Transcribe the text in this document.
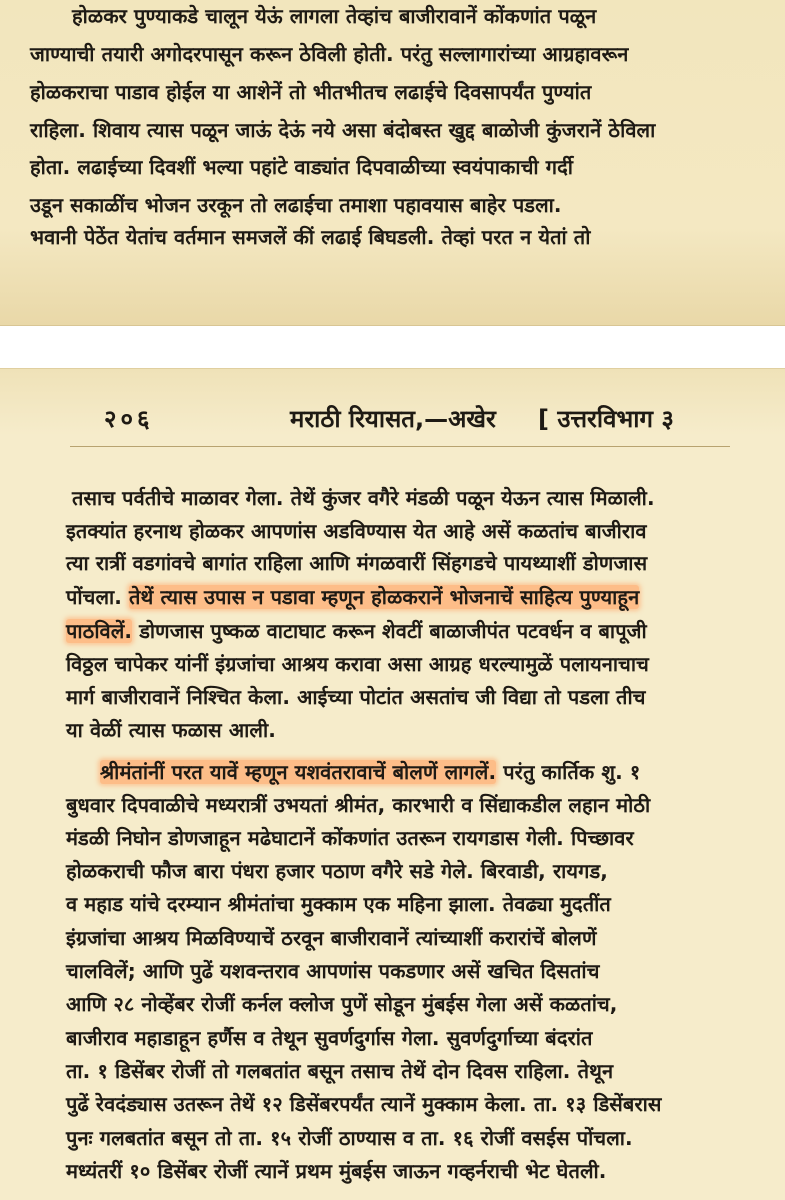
होळकर पुण्याकडे चालून येऊं लागला तेव्हांच बाजीरावानें कोंकणांत पळून
जाण्याची तयारी अगोदरपासून करून ठेविली होती. परंतु सल्लागारांच्या आग्रहावरून
होळकराचा पाडाव होईल या आशेनें तो भीतभीतच लढाईचे दिवसापर्यंत पुण्यांत
राहिला. शिवाय त्यास पळून जाऊं देऊं नये असा बंदोबस्त खुद्द बाळोजी कुंजरानें ठेविला
होता. लढाईच्या दिवशीं भल्या पहांटे वाड्यांत दिपवाळीच्या स्वयंपाकाची गर्दी
उडून सकाळींच भोजन उरकून तो लढाईचा तमाशा पहावयास बाहेर पडला.
भवानी पेठेंत येतांच वर्तमान समजलें कीं लढाई बिघडली. तेव्हां परत न येतां तो
२०६	मराठी रियासत,—अखेर [ उत्तरविभाग ३
तसाच पर्वतीचे माळावर गेला. तेथें कुंजर वगैरे मंडळी पळून येऊन त्यास मिळाली.
इतक्यांत हरनाथ होळकर आपणांस अडविण्यास येत आहे असें कळतांच बाजीराव
त्या रात्रीं वडगांवचे बागांत राहिला आणि मंगळवारीं सिंहगडचे पायथ्याशीं डोणजास
पोंचला. तेथें त्यास उपास न पडावा म्हणून होळकरानें भोजनाचें साहित्य पुण्याहून
पाठविलें. डोणजास पुष्कळ वाटाघाट करून शेवटीं बाळाजीपंत पटवर्धन व बापूजी
विठ्ठल चापेकर यांनीं इंग्रजांचा आश्रय करावा असा आग्रह धरल्यामुळें पलायनाचाच
मार्ग बाजीरावानें निश्चित केला. आईच्या पोटांत असतांच जी विद्या तो पडला तीच
या वेळीं त्यास फळास आली.
श्रीमंतांनीं परत यावें म्हणून यशवंतरावाचें बोलणें लागलें. परंतु कार्तिक शु. १
बुधवार दिपवाळीचे मध्यरात्रीं उभयतां श्रीमंत, कारभारी व सिंद्याकडील लहान मोठी
मंडळी निघोन डोणजाहून मढेघाटानें कोंकणांत उतरून रायगडास गेली. पिच्छावर
होळकराची फौज बारा पंधरा हजार पठाण वगैरे सडे गेले. बिरवाडी, रायगड,
व महाड यांचे दरम्यान श्रीमंतांचा मुक्काम एक महिना झाला. तेवढ्या मुदतींत
इंग्रजांचा आश्रय मिळविण्याचें ठरवून बाजीरावानें त्यांच्याशीं करारांचें बोलणें
चालविलें; आणि पुढें यशवन्तराव आपणांस पकडणार असें खचित दिसतांच
आणि २८ नोव्हेंबर रोजीं कर्नल क्लोज पुणें सोडून मुंबईस गेला असें कळतांच,
बाजीराव महाडाहून हर्णैस व तेथून सुवर्णदुर्गास गेला. सुवर्णदुर्गाच्या बंदरांत
ता. १ डिसेंबर रोजीं तो गलबतांत बसून तसाच तेथें दोन दिवस राहिला. तेथून
पुढें रेवदंड्यास उतरून तेथें १२ डिसेंबरपर्यंत त्यानें मुक्काम केला. ता. १३ डिसेंबरास
पुनः गलबतांत बसून तो ता. १५ रोजीं ठाण्यास व ता. १६ रोजीं वसईस पोंचला.
मध्यंतरीं १० डिसेंबर रोजीं त्यानें प्रथम मुंबईस जाऊन गव्हर्नराची भेट घेतली.
